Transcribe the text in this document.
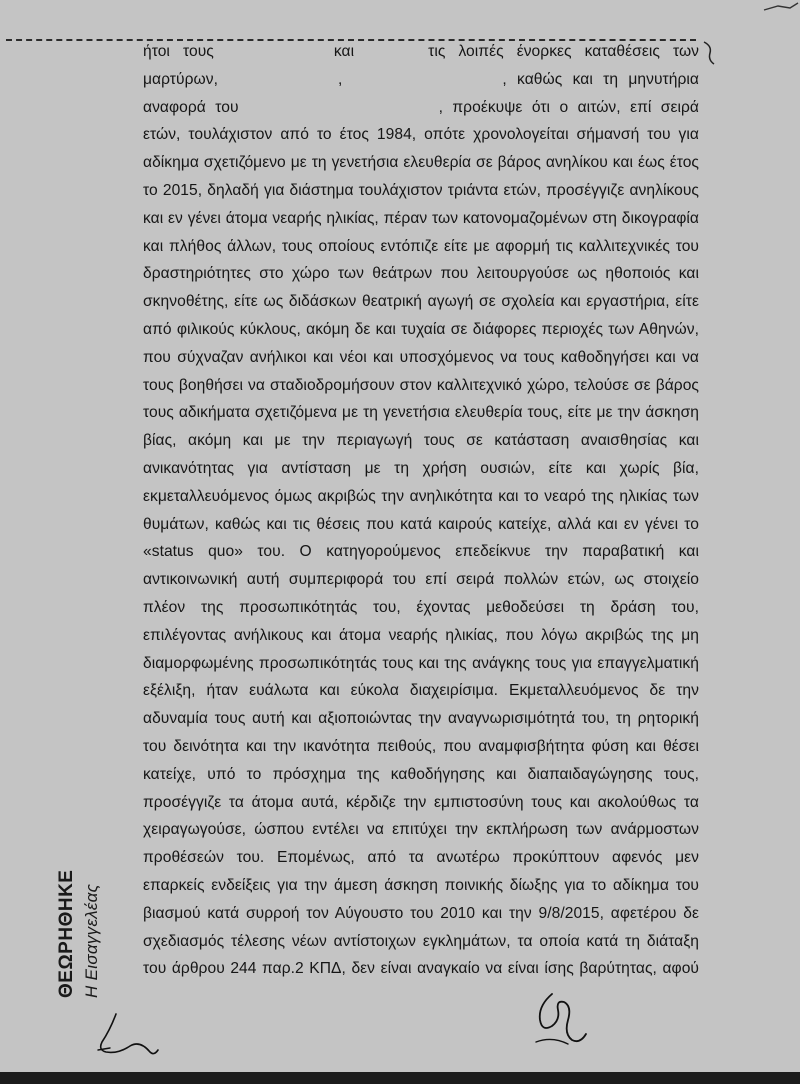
ήτοι τους	και	τις λοιπές ένορκες καταθέσεις των
μαρτύρων,	,	, καθώς και τη μηνυτήρια
αναφορά του	, προέκυψε ότι ο αιτών, επί σειρά
ετών, τουλάχιστον από το έτος 1984, οπότε χρονολογείται σήμανσή του για
αδίκημα σχετιζόμενο με τη γενετήσια ελευθερία σε βάρος ανηλίκου και έως έτος
το 2015, δηλαδή για διάστημα τουλάχιστον τριάντα ετών, προσέγγιζε ανηλίκους
και εν γένει άτομα νεαρής ηλικίας, πέραν των κατονομαζομένων στη δικογραφία
και πλήθος άλλων, τους οποίους εντόπιζε είτε με αφορμή τις καλλιτεχνικές του
δραστηριότητες στο χώρο των θεάτρων που λειτουργούσε ως ηθοποιός και
σκηνοθέτης, είτε ως διδάσκων θεατρική αγωγή σε σχολεία και εργαστήρια, είτε
από φιλικούς κύκλους, ακόμη δε και τυχαία σε διάφορες περιοχές των Αθηνών,
που σύχναζαν ανήλικοι και νέοι και υποσχόμενος να τους καθοδηγήσει και να
τους βοηθήσει να σταδιοδρομήσουν στον καλλιτεχνικό χώρο, τελούσε σε βάρος
τους αδικήματα σχετιζόμενα με τη γενετήσια ελευθερία τους, είτε με την άσκηση
βίας, ακόμη και με την περιαγωγή τους σε κατάσταση αναισθησίας και
ανικανότητας για αντίσταση με τη χρήση ουσιών, είτε και χωρίς βία,
εκμεταλλευόμενος όμως ακριβώς την ανηλικότητα και το νεαρό της ηλικίας των
θυμάτων, καθώς και τις θέσεις που κατά καιρούς κατείχε, αλλά και εν γένει το
«status quo» του. Ο κατηγορούμενος επεδείκνυε την παραβατική και
αντικοινωνική αυτή συμπεριφορά του επί σειρά πολλών ετών, ως στοιχείο
πλέον της προσωπικότητάς του, έχοντας μεθοδεύσει τη δράση του,
επιλέγοντας ανήλικους και άτομα νεαρής ηλικίας, που λόγω ακριβώς της μη
διαμορφωμένης προσωπικότητάς τους και της ανάγκης τους για επαγγελματική
εξέλιξη, ήταν ευάλωτα και εύκολα διαχειρίσιμα. Εκμεταλλευόμενος δε την
αδυναμία τους αυτή και αξιοποιώντας την αναγνωρισιμότητά του, τη ρητορική
του δεινότητα και την ικανότητα πειθούς, που αναμφισβήτητα φύση και θέσει
κατείχε, υπό το πρόσχημα της καθοδήγησης και διαπαιδαγώγησης τους,
προσέγγιζε τα άτομα αυτά, κέρδιζε την εμπιστοσύνη τους και ακολούθως τα
χειραγωγούσε, ώσπου εντέλει να επιτύχει την εκπλήρωση των ανάρμοστων
προθέσεών του. Επομένως, από τα ανωτέρω προκύπτουν αφενός μεν
επαρκείς ενδείξεις για την άμεση άσκηση ποινικής δίωξης για το αδίκημα του
βιασμού κατά συρροή τον Αύγουστο του 2010 και την 9/8/2015, αφετέρου δε
σχεδιασμός τέλεσης νέων αντίστοιχων εγκλημάτων, τα οποία κατά τη διάταξη
του άρθρου 244 παρ.2 ΚΠΔ, δεν είναι αναγκαίο να είναι ίσης βαρύτητας, αφού
ΘΕΩΡΗΘΗΚΕ Η Εισαγγελέας
